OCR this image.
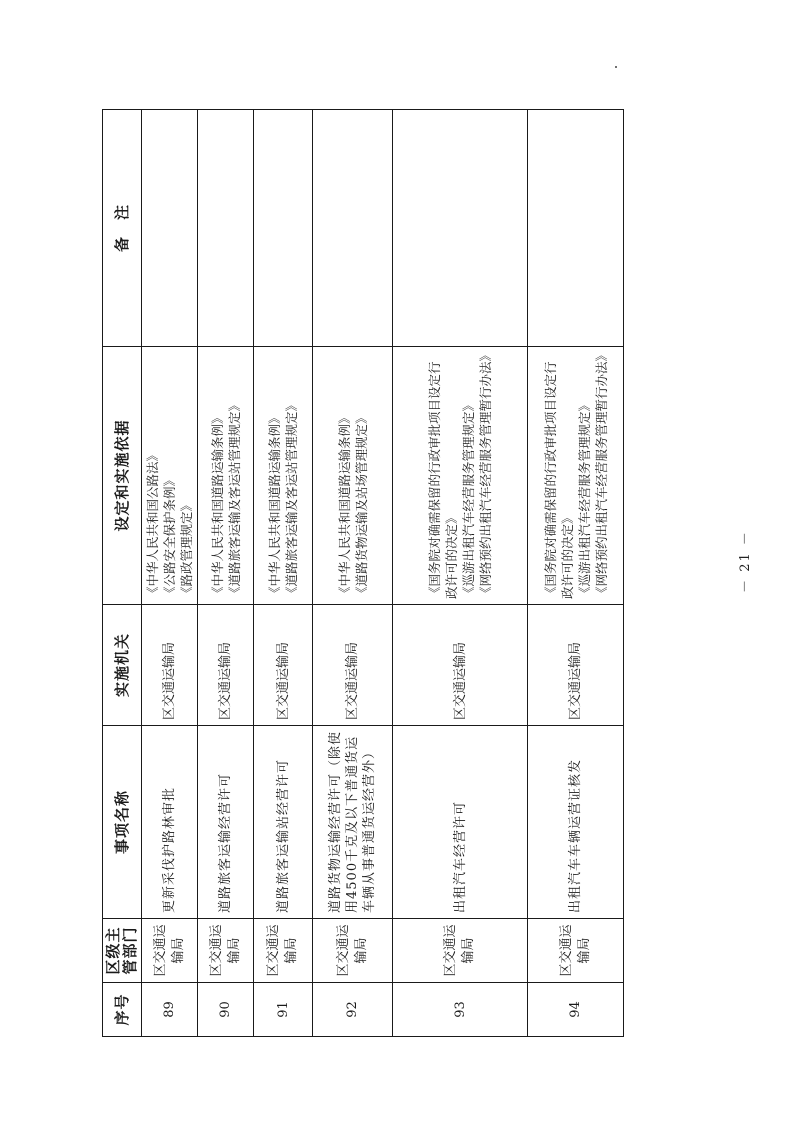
序号	区级主管部门	事项名称	实施机关	设定和实施依据	备　注
89	区交通运输局	更新采伐护路林审批	区交通运输局	《中华人民共和国公路法》 《公路安全保护条例》 《路政管理规定》	

90	区交通运输局	道路旅客运输经营许可	区交通运输局	《中华人民共和国道路运输条例》 《道路旅客运输及客运站管理规定》	

91	区交通运输局	道路旅客运输站经营许可	区交通运输局	《中华人民共和国道路运输条例》 《道路旅客运输及客运站管理规定》	

92	区交通运输局	道路货物运输经营许可（除使用4500千克及以下普通货运车辆从事普通货运经营外）	区交通运输局	《中华人民共和国道路运输条例》 《道路货物运输及站场管理规定》	

93	区交通运输局	出租汽车经营许可	区交通运输局	《国务院对确需保留的行政审批项目设定行政许可的决定》 《巡游出租汽车经营服务管理规定》 《网络预约出租汽车经营服务管理暂行办法》	

94	区交通运输局	出租汽车车辆运营证核发	区交通运输局	《国务院对确需保留的行政审批项目设定行政许可的决定》 《巡游出租汽车经营服务管理规定》 《网络预约出租汽车经营服务管理暂行办法》	
		－ 21 －
